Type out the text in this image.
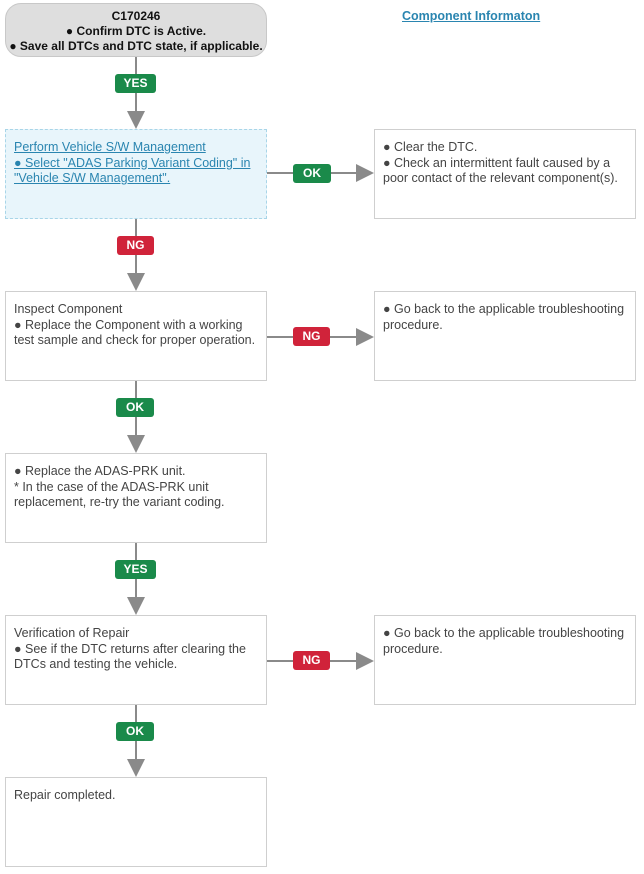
C170246
● Confirm DTC is Active.
● Save all DTCs and DTC state, if applicable.
Component Informaton
YES
Perform Vehicle S/W Management
● Select "ADAS Parking Variant Coding" in "Vehicle S/W Management".	OK
● Clear the DTC.
● Check an intermittent fault caused by a poor contact of the relevant component(s).
NG
Inspect Component
● Replace the Component with a working test sample and check for proper operation.	NG
● Go back to the applicable troubleshooting procedure.
OK
● Replace the ADAS-PRK unit.
* In the case of the ADAS-PRK unit replacement, re-try the variant coding.
YES
Verification of Repair
● See if the DTC returns after clearing the DTCs and testing the vehicle.	NG
● Go back to the applicable troubleshooting procedure.
OK
Repair completed.
